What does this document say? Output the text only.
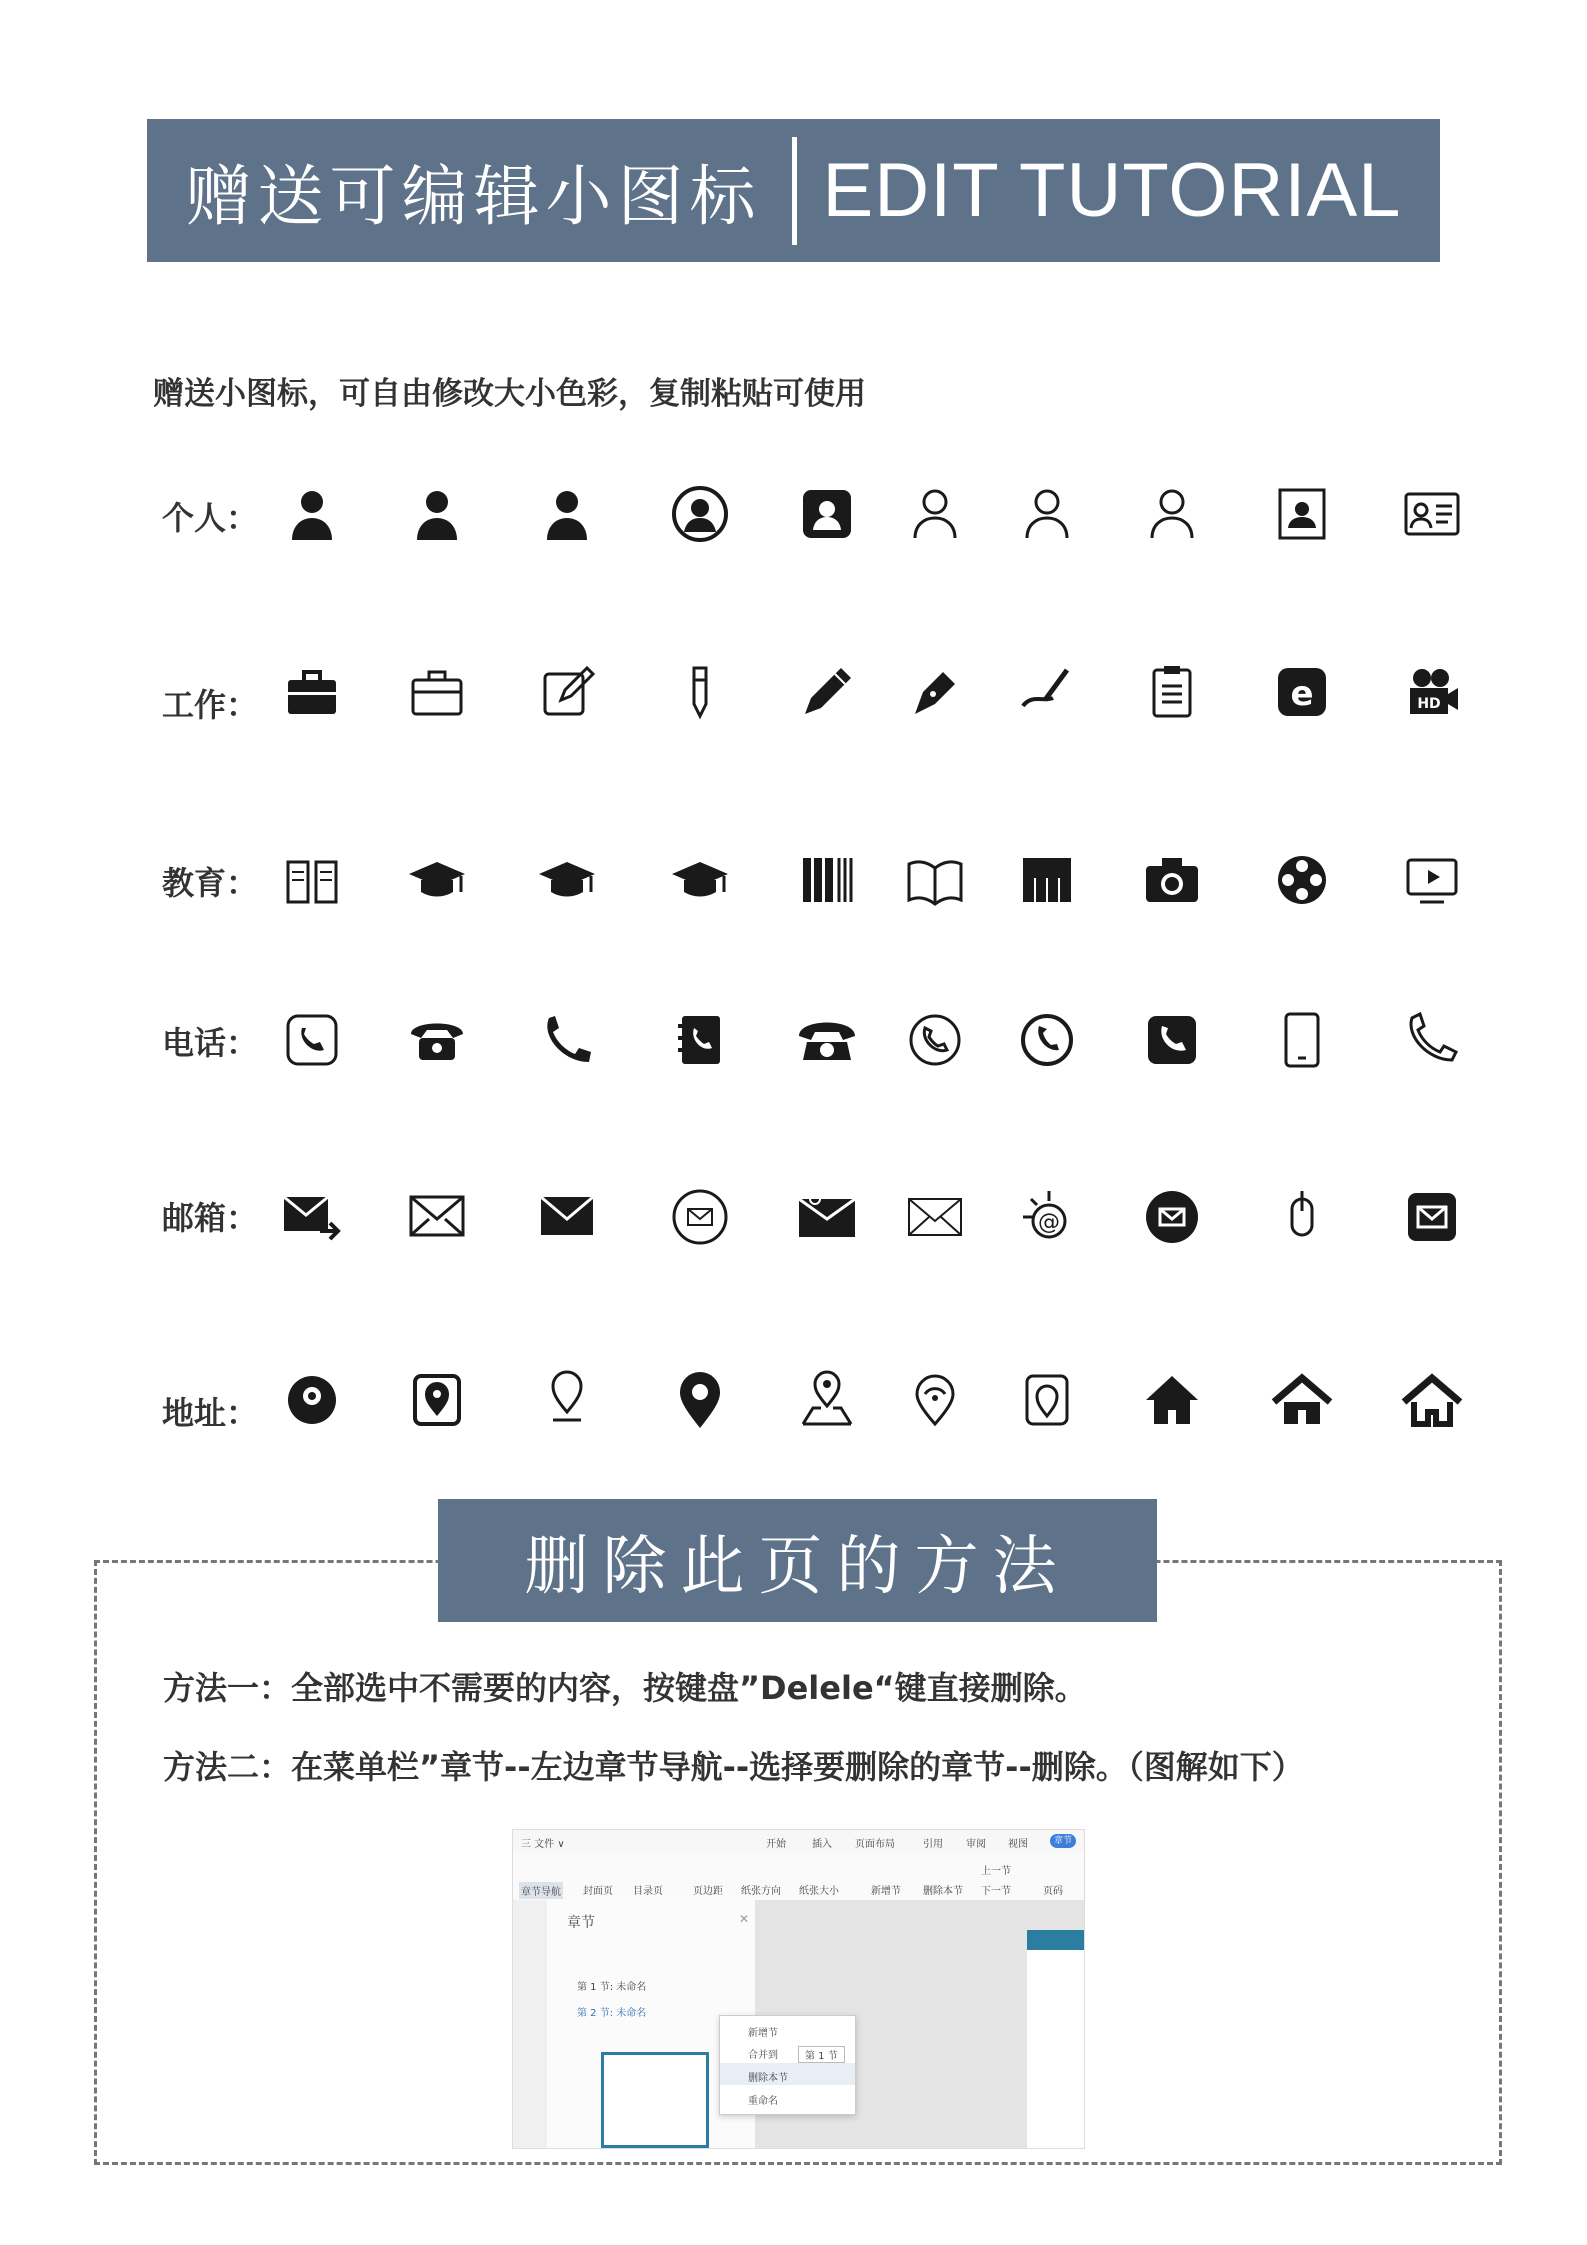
赠送可编辑小图标 EDIT TUTORIAL
赠送小图标，可自由修改大小色彩，复制粘贴可使用
个人：
工作：
教育：
电话：
邮箱：
地址：
e	HD
@
删除此页的方法
方法一：全部选中不需要的内容，按键盘”Delele“键直接删除。
方法二：在菜单栏”章节--左边章节导航--选择要删除的章节--删除。（图解如下）
三 文件 ∨	开始	插入 页面布局	引用 审阅 视图	章节
章节导航 封面页 目录页	页边距 纸张方向 纸张大小	新增节 删除本节
上一节
下一节	页码
章节	✕
第 1 节: 未命名
第 2 节: 未命名
新增节
合并到	第 1 节
删除本节
重命名
